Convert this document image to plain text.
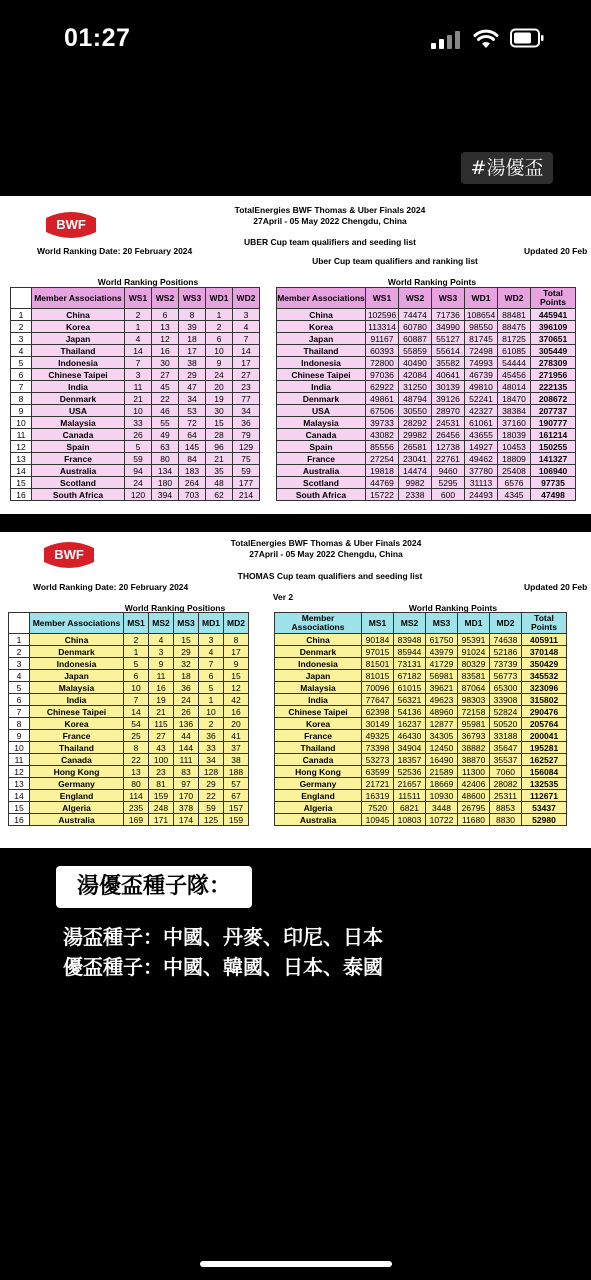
01:27
#湯優盃
BWF
TotalEnergies BWF Thomas & Uber Finals 2024
27April - 05 May 2022 Chengdu, China
UBER Cup team qualifiers and seeding list
World Ranking Date: 20 February 2024	Updated 20 Feb
Uber Cup team qualifiers and ranking list
World Ranking Positions	World Ranking Points
	Member Associations	WS1	WS2	WS3	WD1	WD2
1	China	2	6	8	1	3
2	Korea	1	13	39	2	4
3	Japan	4	12	18	6	7
4	Thailand	14	16	17	10	14
5	Indonesia	7	30	38	9	17
6	Chinese Taipei	3	27	29	24	27
7	India	11	45	47	20	23
8	Denmark	21	22	34	19	77
9	USA	10	46	53	30	34
10	Malaysia	33	55	72	15	36
11	Canada	26	49	64	28	79
12	Spain	5	63	145	96	129
13	France	59	80	84	21	75
14	Australia	94	134	183	35	59
15	Scotland	24	180	264	48	177
16	South Africa	120	394	703	62	214
Member Associations	WS1	WS2	WS3	WD1	WD2	Total Points
China	102596	74474	71736	108654	88481	445941
Korea	113314	60780	34990	98550	88475	396109
Japan	91167	60887	55127	81745	81725	370651
Thailand	60393	55859	55614	72498	61085	305449
Indonesia	72800	40490	35582	74993	54444	278309
Chinese Taipei	97036	42084	40641	46739	45456	271956
India	62922	31250	30139	49810	48014	222135
Denmark	49861	48794	39126	52241	18470	208672
USA	67506	30550	28970	42327	38384	207737
Malaysia	39733	28292	24531	61061	37160	190777
Canada	43082	29982	26456	43655	18039	161214
Spain	85556	26581	12738	14927	10453	150255
France	27254	23041	22761	49462	18809	141327
Australia	19818	14474	9460	37780	25408	106940
Scotland	44769	9982	5295	31113	6576	97735
South Africa	15722	2338	600	24493	4345	47498
BWF
TotalEnergies BWF Thomas & Uber Finals 2024
27April - 05 May 2022 Chengdu, China
THOMAS Cup team qualifiers and seeding list
World Ranking Date: 20 February 2024	Updated 20 Feb
Ver 2
World Ranking Positions	World Ranking Points
	Member Associations	MS1	MS2	MS3	MD1	MD2
1	China	2	4	15	3	8
2	Denmark	1	3	29	4	17
3	Indonesia	5	9	32	7	9
4	Japan	6	11	18	6	15
5	Malaysia	10	16	36	5	12
6	India	7	19	24	1	42
7	Chinese Taipei	14	21	26	10	16
8	Korea	54	115	136	2	20
9	France	25	27	44	36	41
10	Thailand	8	43	144	33	37
11	Canada	22	100	111	34	38
12	Hong Kong	13	23	83	128	188
13	Germany	80	81	97	29	57
14	England	114	159	170	22	67
15	Algeria	235	248	378	59	157
16	Australia	169	171	174	125	159
Member Associations	MS1	MS2	MS3	MD1	MD2	Total Points
China	90184	83948	61750	95391	74638	405911
Denmark	97015	85944	43979	91024	52186	370148
Indonesia	81501	73131	41729	80329	73739	350429
Japan	81015	67182	56981	83581	56773	345532
Malaysia	70096	61015	39621	87064	65300	323096
India	77647	56321	49623	98303	33908	315802
Chinese Taipei	62398	54136	48960	72158	52824	290476
Korea	30149	16237	12877	95981	50520	205764
France	49325	46430	34305	36793	33188	200041
Thailand	73398	34904	12450	38882	35647	195281
Canada	53273	18357	16490	38870	35537	162527
Hong Kong	63599	52536	21589	11300	7060	156084
Germany	21721	21657	18669	42406	28082	132535
England	16319	11511	10930	48600	25311	112671
Algeria	7520	6821	3448	26795	8853	53437
Australia	10945	10803	10722	11680	8830	52980
湯優盃種子隊：
湯盃種子：中國、丹麥、印尼、日本
優盃種子：中國、韓國、日本、泰國
